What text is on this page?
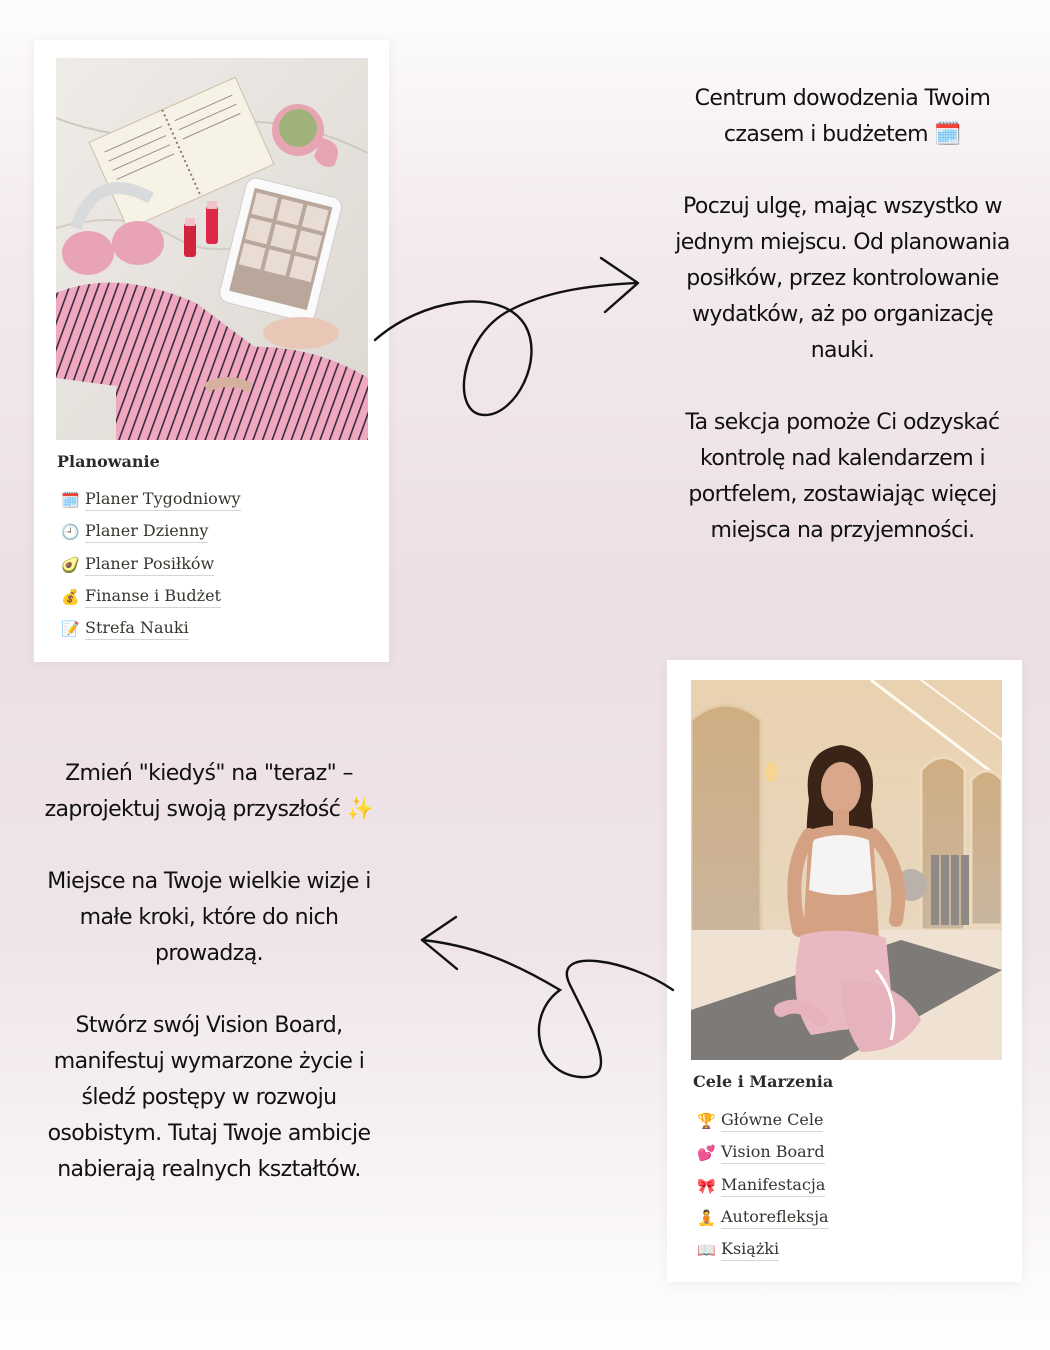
Planowanie
🗓️ Planer Tygodniowy
🕘 Planer Dzienny
🥑 Planer Posiłków
💰 Finanse i Budżet
📝 Strefa Nauki

Centrum dowodzenia Twoim

czasem i budżetem 🗓️

Poczuj ulgę, mając wszystko w

jednym miejscu. Od planowania

posiłków, przez kontrolowanie

wydatków, aż po organizację

nauki.

Ta sekcja pomoże Ci odzyskać

kontrolę nad kalendarzem i

portfelem, zostawiając więcej

miejsca na przyjemności.

Cele i Marzenia
🏆 Główne Cele
💕 Vision Board
🎀 Manifestacja
🧘 Autorefleksja
📖 Książki

Zmień "kiedyś" na "teraz" –

zaprojektuj swoją przyszłość ✨

Miejsce na Twoje wielkie wizje i

małe kroki, które do nich

prowadzą.

Stwórz swój Vision Board,

manifestuj wymarzone życie i

śledź postępy w rozwoju

osobistym. Tutaj Twoje ambicje

nabierają realnych kształtów.
